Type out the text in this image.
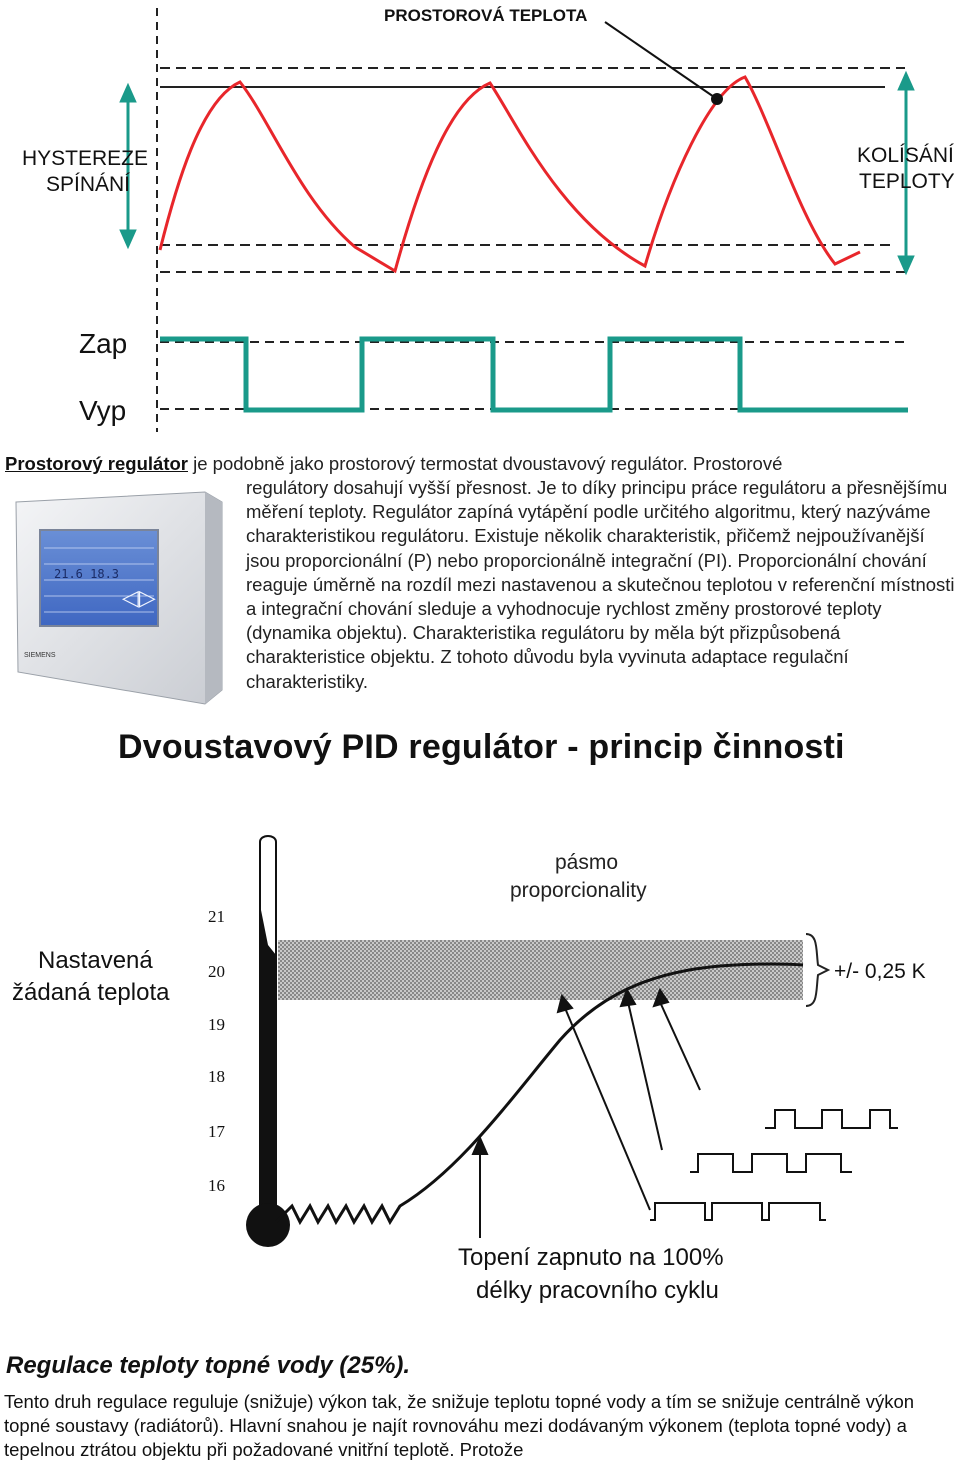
PROSTOROVÁ TEPLOTA
HYSTEREZE
SPÍNÁNÍ
KOLÍSÁNÍ
TEPLOTY
Zap
Vyp
Prostorový regulátor je podobně jako prostorový termostat dvoustavový regulátor. Prostorové
regulátory dosahují vyšší přesnost. Je to díky principu práce regulátoru a přesnějšímu měření teploty. Regulátor zapíná vytápění podle určitého algoritmu, který nazýváme charakteristikou regulátoru. Existuje několik charakteristik, přičemž nejpoužívanější jsou proporcionální (P) nebo proporcionálně integrační (PI). Proporcionální chování reaguje úměrně na rozdíl mezi nastavenou a skutečnou teplotou v referenční místnosti a integrační chování sleduje a vyhodnocuje rychlost změny prostorové teploty (dynamika objektu). Charakteristika regulátoru by měla být přizpůsobená charakteristice objektu. Z tohoto důvodu byla vyvinuta adaptace regulační charakteristiky.
21.6 18.3
◁▷
SIEMENS
Dvoustavový PID regulátor - princip činnosti
21
20
19
18
17
16
Nastavená
žádaná teplota
pásmo
proporcionality
+/- 0,25 K
Topení zapnuto na 100%
délky pracovního cyklu
Regulace teploty topné vody (25%).
Tento druh regulace reguluje (snižuje) výkon tak, že snižuje teplotu topné vody a tím se snižuje centrálně výkon topné soustavy (radiátorů). Hlavní snahou je najít rovnováhu mezi dodávaným výkonem (teplota topné vody) a tepelnou ztrátou objektu při požadované vnitřní teplotě. Protože
